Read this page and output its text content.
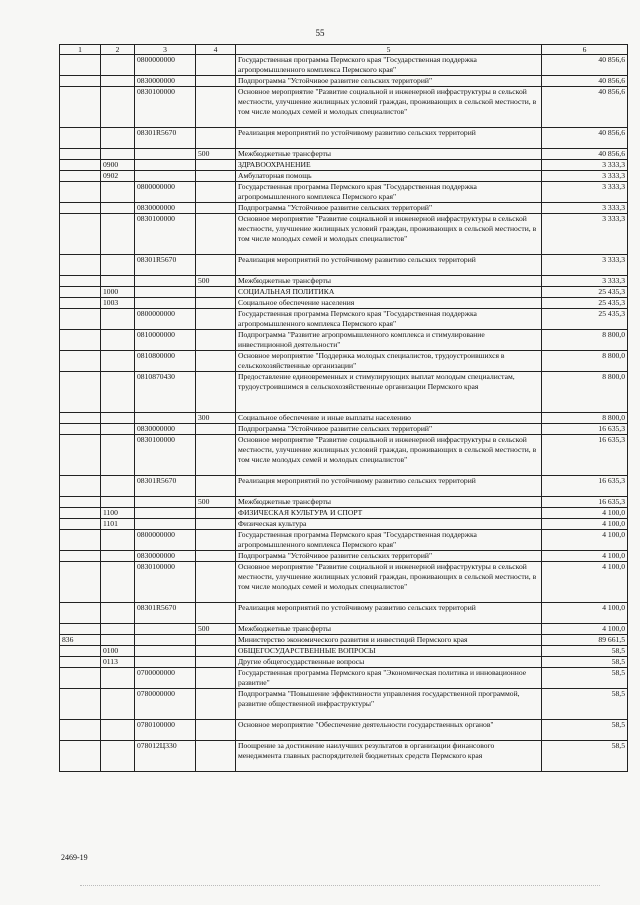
55
1	2	3	4	5	6
		0800000000		Государственная программа Пермского края "Государственная поддержка агропромышленного комплекса Пермского края"	40 856,6
		0830000000		Подпрограмма "Устойчивое развитие сельских территорий"	40 856,6
		0830100000		Основное мероприятие "Развитие социальной и инженерной инфраструктуры в сельской местности, улучшение жилищных условий граждан, проживающих в сельской местности, в том числе молодых семей и молодых специалистов"	40 856,6
		08301R5670		Реализация мероприятий по устойчивому развитию сельских территорий	40 856,6
			500	Межбюджетные трансферты	40 856,6
	0900			ЗДРАВООХРАНЕНИЕ	3 333,3
	0902			Амбулаторная помощь	3 333,3
		0800000000		Государственная программа Пермского края "Государственная поддержка агропромышленного комплекса Пермского края"	3 333,3
		0830000000		Подпрограмма "Устойчивое развитие сельских территорий"	3 333,3
		0830100000		Основное мероприятие "Развитие социальной и инженерной инфраструктуры в сельской местности, улучшение жилищных условий граждан, проживающих в сельской местности, в том числе молодых семей и молодых специалистов"	3 333,3
		08301R5670		Реализация мероприятий по устойчивому развитию сельских территорий	3 333,3
			500	Межбюджетные трансферты	3 333,3
	1000			СОЦИАЛЬНАЯ ПОЛИТИКА	25 435,3
	1003			Социальное обеспечение населения	25 435,3
		0800000000		Государственная программа Пермского края "Государственная поддержка агропромышленного комплекса Пермского края"	25 435,3
		0810000000		Подпрограмма "Развитие агропромышленного комплекса и стимулирование инвестиционной деятельности"	8 800,0
		0810800000		Основное мероприятие "Поддержка молодых специалистов, трудоустроившихся в сельскохозяйственные организации"	8 800,0
		0810870430		Предоставление единовременных и стимулирующих выплат молодым специалистам, трудоустроившимся в сельскохозяйственные организации Пермского края	8 800,0
			300	Социальное обеспечение и иные выплаты населению	8 800,0
		0830000000		Подпрограмма "Устойчивое развитие сельских территорий"	16 635,3
		0830100000		Основное мероприятие "Развитие социальной и инженерной инфраструктуры в сельской местности, улучшение жилищных условий граждан, проживающих в сельской местности, в том числе молодых семей и молодых специалистов"	16 635,3
		08301R5670		Реализация мероприятий по устойчивому развитию сельских территорий	16 635,3
			500	Межбюджетные трансферты	16 635,3
	1100			ФИЗИЧЕСКАЯ КУЛЬТУРА И СПОРТ	4 100,0
	1101			Физическая культура	4 100,0
		0800000000		Государственная программа Пермского края "Государственная поддержка агропромышленного комплекса Пермского края"	4 100,0
		0830000000		Подпрограмма "Устойчивое развитие сельских территорий"	4 100,0
		0830100000		Основное мероприятие "Развитие социальной и инженерной инфраструктуры в сельской местности, улучшение жилищных условий граждан, проживающих в сельской местности, в том числе молодых семей и молодых специалистов"	4 100,0
		08301R5670		Реализация мероприятий по устойчивому развитию сельских территорий	4 100,0
			500	Межбюджетные трансферты	4 100,0
836				Министерство экономического развития и инвестиций Пермского края	89 661,5
	0100			ОБЩЕГОСУДАРСТВЕННЫЕ ВОПРОСЫ	58,5
	0113			Другие общегосударственные вопросы	58,5
		0700000000		Государственная программа Пермского края "Экономическая политика и инновационное развитие"	58,5
		0780000000		Подпрограмма "Повышение эффективности управления государственной программой, развитие общественной инфраструктуры"	58,5
		0780100000		Основное мероприятие "Обеспечение деятельности государственных органов"	58,5
		078012Ц330		Поощрение за достижение наилучших результатов в организации финансового менеджмента главных распорядителей бюджетных средств Пермского края	58,5
2469-19
